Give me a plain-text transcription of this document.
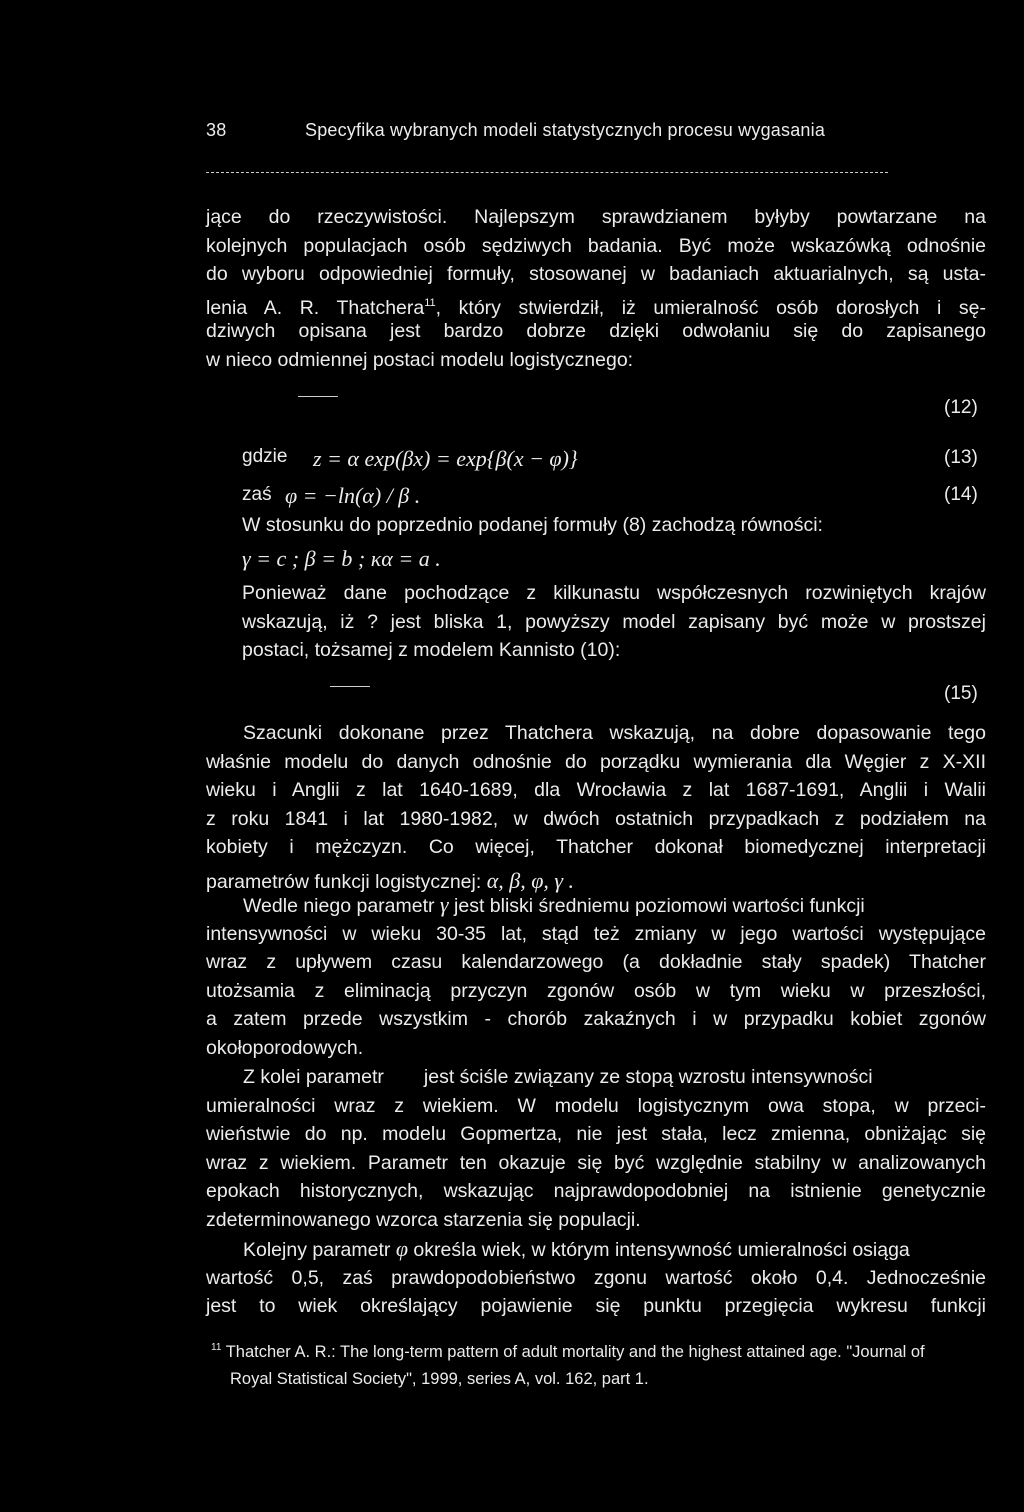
38	Specyfika wybranych modeli statystycznych procesu wygasania
jące do rzeczywistości. Najlepszym sprawdzianem byłyby powtarzane na
kolejnych populacjach osób sędziwych badania. Być może wskazówką odnośnie
do wyboru odpowiedniej formuły, stosowanej w badaniach aktuarialnych, są usta-
lenia A. R. Thatchera$^{11}$, który stwierdził, iż umieralność osób dorosłych i sę-
dziwych opisana jest bardzo dobrze dzięki odwołaniu się do zapisanego
w nieco odmiennej postaci modelu logistycznego:
(12)
gdzie z = α exp(βx) = exp{β(x − φ)}	(13)
zaś φ = −ln(α) / β .	(14)
W stosunku do poprzednio podanej formuły (8) zachodzą równości:
γ = c ; β = b ; κα = a .
Ponieważ dane pochodzące z kilkunastu współczesnych rozwiniętych krajów
wskazują, iż ? jest bliska 1, powyższy model zapisany być może w prostszej
postaci, tożsamej z modelem Kannisto (10):
(15)
Szacunki dokonane przez Thatchera wskazują, na dobre dopasowanie tego
właśnie modelu do danych odnośnie do porządku wymierania dla Węgier z X-XII
wieku i Anglii z lat 1640-1689, dla Wrocławia z lat 1687-1691, Anglii i Walii
z roku 1841 i lat 1980-1982, w dwóch ostatnich przypadkach z podziałem na
kobiety i mężczyzn. Co więcej, Thatcher dokonał biomedycznej interpretacji
parametrów funkcji logistycznej: α, β, φ, γ .
Wedle niego parametr γ jest bliski średniemu poziomowi wartości funkcji
intensywności w wieku 30-35 lat, stąd też zmiany w jego wartości występujące
wraz z upływem czasu kalendarzowego (a dokładnie stały spadek) Thatcher
utożsamia z eliminacją przyczyn zgonów osób w tym wieku w przeszłości,
a zatem przede wszystkim - chorób zakaźnych i w przypadku kobiet zgonów
okołoporodowych.
Z kolei parametr jest ściśle związany ze stopą wzrostu intensywności
umieralności wraz z wiekiem. W modelu logistycznym owa stopa, w przeci-
wieństwie do np. modelu Gopmertza, nie jest stała, lecz zmienna, obniżając się
wraz z wiekiem. Parametr ten okazuje się być względnie stabilny w analizowanych
epokach historycznych, wskazując najprawdopodobniej na istnienie genetycznie
zdeterminowanego wzorca starzenia się populacji.
Kolejny parametr φ określa wiek, w którym intensywność umieralności osiąga
wartość 0,5, zaś prawdopodobieństwo zgonu wartość około 0,4. Jednocześnie
jest to wiek określający pojawienie się punktu przegięcia wykresu funkcji
$^{11}$ Thatcher A. R.: The long-term pattern of adult mortality and the highest attained age. "Journal of
Royal Statistical Society", 1999, series A, vol. 162, part 1.
